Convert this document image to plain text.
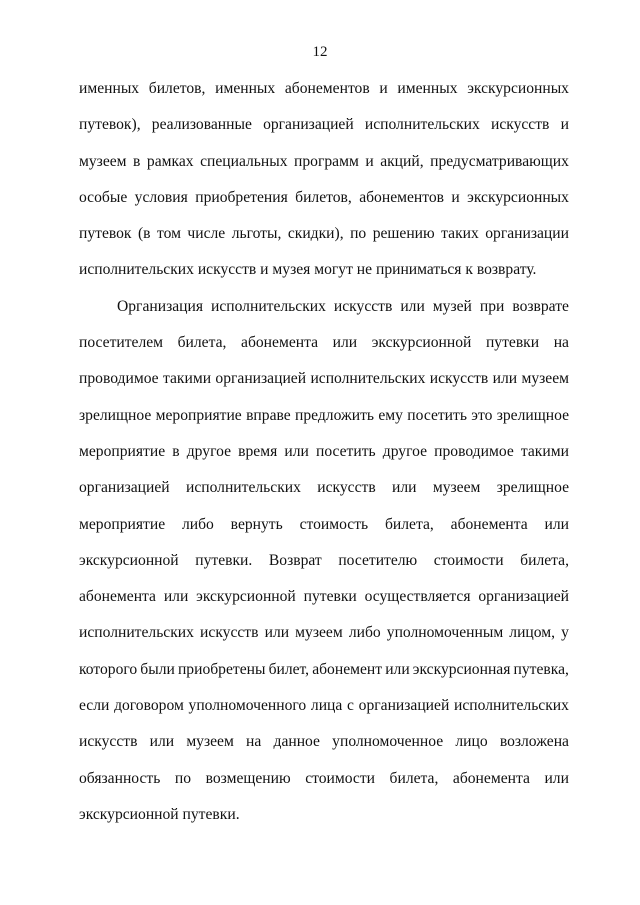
12
именных билетов, именных абонементов и именных экскурсионных
путевок), реализованные организацией исполнительских искусств и
музеем в рамках специальных программ и акций, предусматривающих
особые условия приобретения билетов, абонементов и экскурсионных
путевок (в том числе льготы, скидки), по решению таких организации
исполнительских искусств и музея могут не приниматься к возврату.
Организация исполнительских искусств или музей при возврате
посетителем билета, абонемента или экскурсионной путевки на
проводимое такими организацией исполнительских искусств или музеем
зрелищное мероприятие вправе предложить ему посетить это зрелищное
мероприятие в другое время или посетить другое проводимое такими
организацией исполнительских искусств или музеем зрелищное
мероприятие либо вернуть стоимость билета, абонемента или
экскурсионной путевки. Возврат посетителю стоимости билета,
абонемента или экскурсионной путевки осуществляется организацией
исполнительских искусств или музеем либо уполномоченным лицом, у
которого были приобретены билет, абонемент или экскурсионная путевка,
если договором уполномоченного лица с организацией исполнительских
искусств или музеем на данное уполномоченное лицо возложена
обязанность по возмещению стоимости билета, абонемента или
экскурсионной путевки.
